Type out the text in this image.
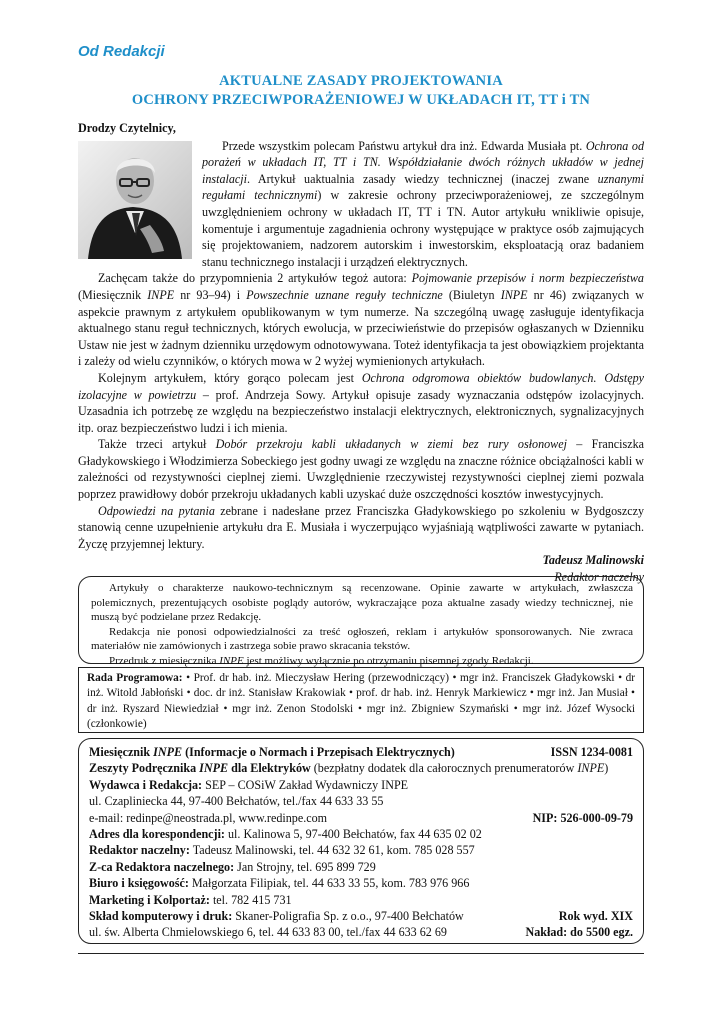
Od Redakcji
AKTUALNE ZASADY PROJEKTOWANIA
OCHRONY PRZECIWPORAŻENIOWEJ W UKŁADACH IT, TT i TN

Drodzy Czytelnicy,

Przede wszystkim polecam Państwu artykuł dra inż. Edwarda Musiała pt. Ochrona od porażeń w układach IT, TT i TN. Współdziałanie dwóch różnych układów w jednej instalacji. Artykuł uaktualnia zasady wiedzy technicznej (inaczej zwane uznanymi regułami technicznymi) w zakresie ochrony przeciwporażeniowej, ze szczególnym uwzględnieniem ochrony w układach IT, TT i TN. Autor artykułu wnikliwie opisuje, komentuje i argumentuje zagadnienia ochrony występujące w praktyce osób zajmujących się projektowaniem, nadzorem autorskim i inwestorskim, eksploatacją oraz badaniem stanu technicznego instalacji i urządzeń elektrycznych.

Zachęcam także do przypomnienia 2 artykułów tegoż autora: Pojmowanie przepisów i norm bezpieczeństwa (Miesięcznik INPE nr 93–94) i Powszechnie uznane reguły techniczne (Biuletyn INPE nr 46) związanych w aspekcie prawnym z artykułem opublikowanym w tym numerze. Na szczególną uwagę zasługuje identyfikacja aktualnego stanu reguł technicznych, których ewolucja, w przeciwieństwie do przepisów ogłaszanych w Dzienniku Ustaw nie jest w żadnym dzienniku urzędowym odnotowywana. Toteż identyfikacja ta jest obowiązkiem projektanta i zależy od wielu czynników, o których mowa w 2 wyżej wymienionych artykułach.

Kolejnym artykułem, który gorąco polecam jest Ochrona odgromowa obiektów budowlanych. Odstępy izolacyjne w powietrzu – prof. Andrzeja Sowy. Artykuł opisuje zasady wyznaczania odstępów izolacyjnych. Uzasadnia ich potrzebę ze względu na bezpieczeństwo instalacji elektrycznych, elektronicznych, sygnalizacyjnych itp. oraz bezpieczeństwo ludzi i ich mienia.

Także trzeci artykuł Dobór przekroju kabli układanych w ziemi bez rury osłonowej – Franciszka Gładykowskiego i Włodzimierza Sobeckiego jest godny uwagi ze względu na znaczne różnice obciążalności kabli w zależności od rezystywności cieplnej ziemi. Uwzględnienie rzeczywistej rezystywności cieplnej ziemi pozwala poprzez prawidłowy dobór przekroju układanych kabli uzyskać duże oszczędności kosztów inwestycyjnych.

Odpowiedzi na pytania zebrane i nadesłane przez Franciszka Gładykowskiego po szkoleniu w Bydgoszczy stanowią cenne uzupełnienie artykułu dra E. Musiała i wyczerpująco wyjaśniają wątpliwości zawarte w pytaniach. Życzę przyjemnej lektury.

Tadeusz Malinowski
Redaktor naczelny

Artykuły o charakterze naukowo-technicznym są recenzowane. Opinie zawarte w artykułach, zwłaszcza polemicznych, prezentujących osobiste poglądy autorów, wykraczające poza aktualne zasady wiedzy technicznej, nie muszą być podzielane przez Redakcję.

Redakcja nie ponosi odpowiedzialności za treść ogłoszeń, reklam i artykułów sponsorowanych. Nie zwraca materiałów nie zamówionych i zastrzega sobie prawo skracania tekstów.

Przedruk z miesięcznika INPE jest możliwy wyłącznie po otrzymaniu pisemnej zgody Redakcji.

Rada Programowa: • Prof. dr hab. inż. Mieczysław Hering (przewodniczący) • mgr inż. Franciszek Gładykowski • dr inż. Witold Jabłoński • doc. dr inż. Stanisław Krakowiak • prof. dr hab. inż. Henryk Markiewicz • mgr inż. Jan Musiał • dr inż. Ryszard Niewiedział • mgr inż. Zenon Stodolski • mgr inż. Zbigniew Szymański • mgr inż. Józef Wysocki (członkowie)
Miesięcznik INPE (Informacje o Normach i Przepisach Elektrycznych)	ISSN 1234-0081
Zeszyty Podręcznika INPE dla Elektryków (bezpłatny dodatek dla całorocznych prenumeratorów INPE)
Wydawca i Redakcja: SEP – COSiW Zakład Wydawniczy INPE
ul. Czaplinieckа 44, 97-400 Bełchatów, tel./fax 44 633 33 55
e-mail: redinpe@neostrada.pl, www.redinpe.com	NIP: 526-000-09-79
Adres dla korespondencji: ul. Kalinowa 5, 97-400 Bełchatów, fax 44 635 02 02
Redaktor naczelny: Tadeusz Malinowski, tel. 44 632 32 61, kom. 785 028 557
Z-ca Redaktora naczelnego: Jan Strojny, tel. 695 899 729
Biuro i księgowość: Małgorzata Filipiak, tel. 44 633 33 55, kom. 783 976 966
Marketing i Kolportaż: tel. 782 415 731
Skład komputerowy i druk: Skaner-Poligrafia Sp. z o.o., 97-400 Bełchatów	Rok wyd. XIX
ul. św. Alberta Chmielowskiego 6, tel. 44 633 83 00, tel./fax 44 633 62 69	Nakład: do 5500 egz.
